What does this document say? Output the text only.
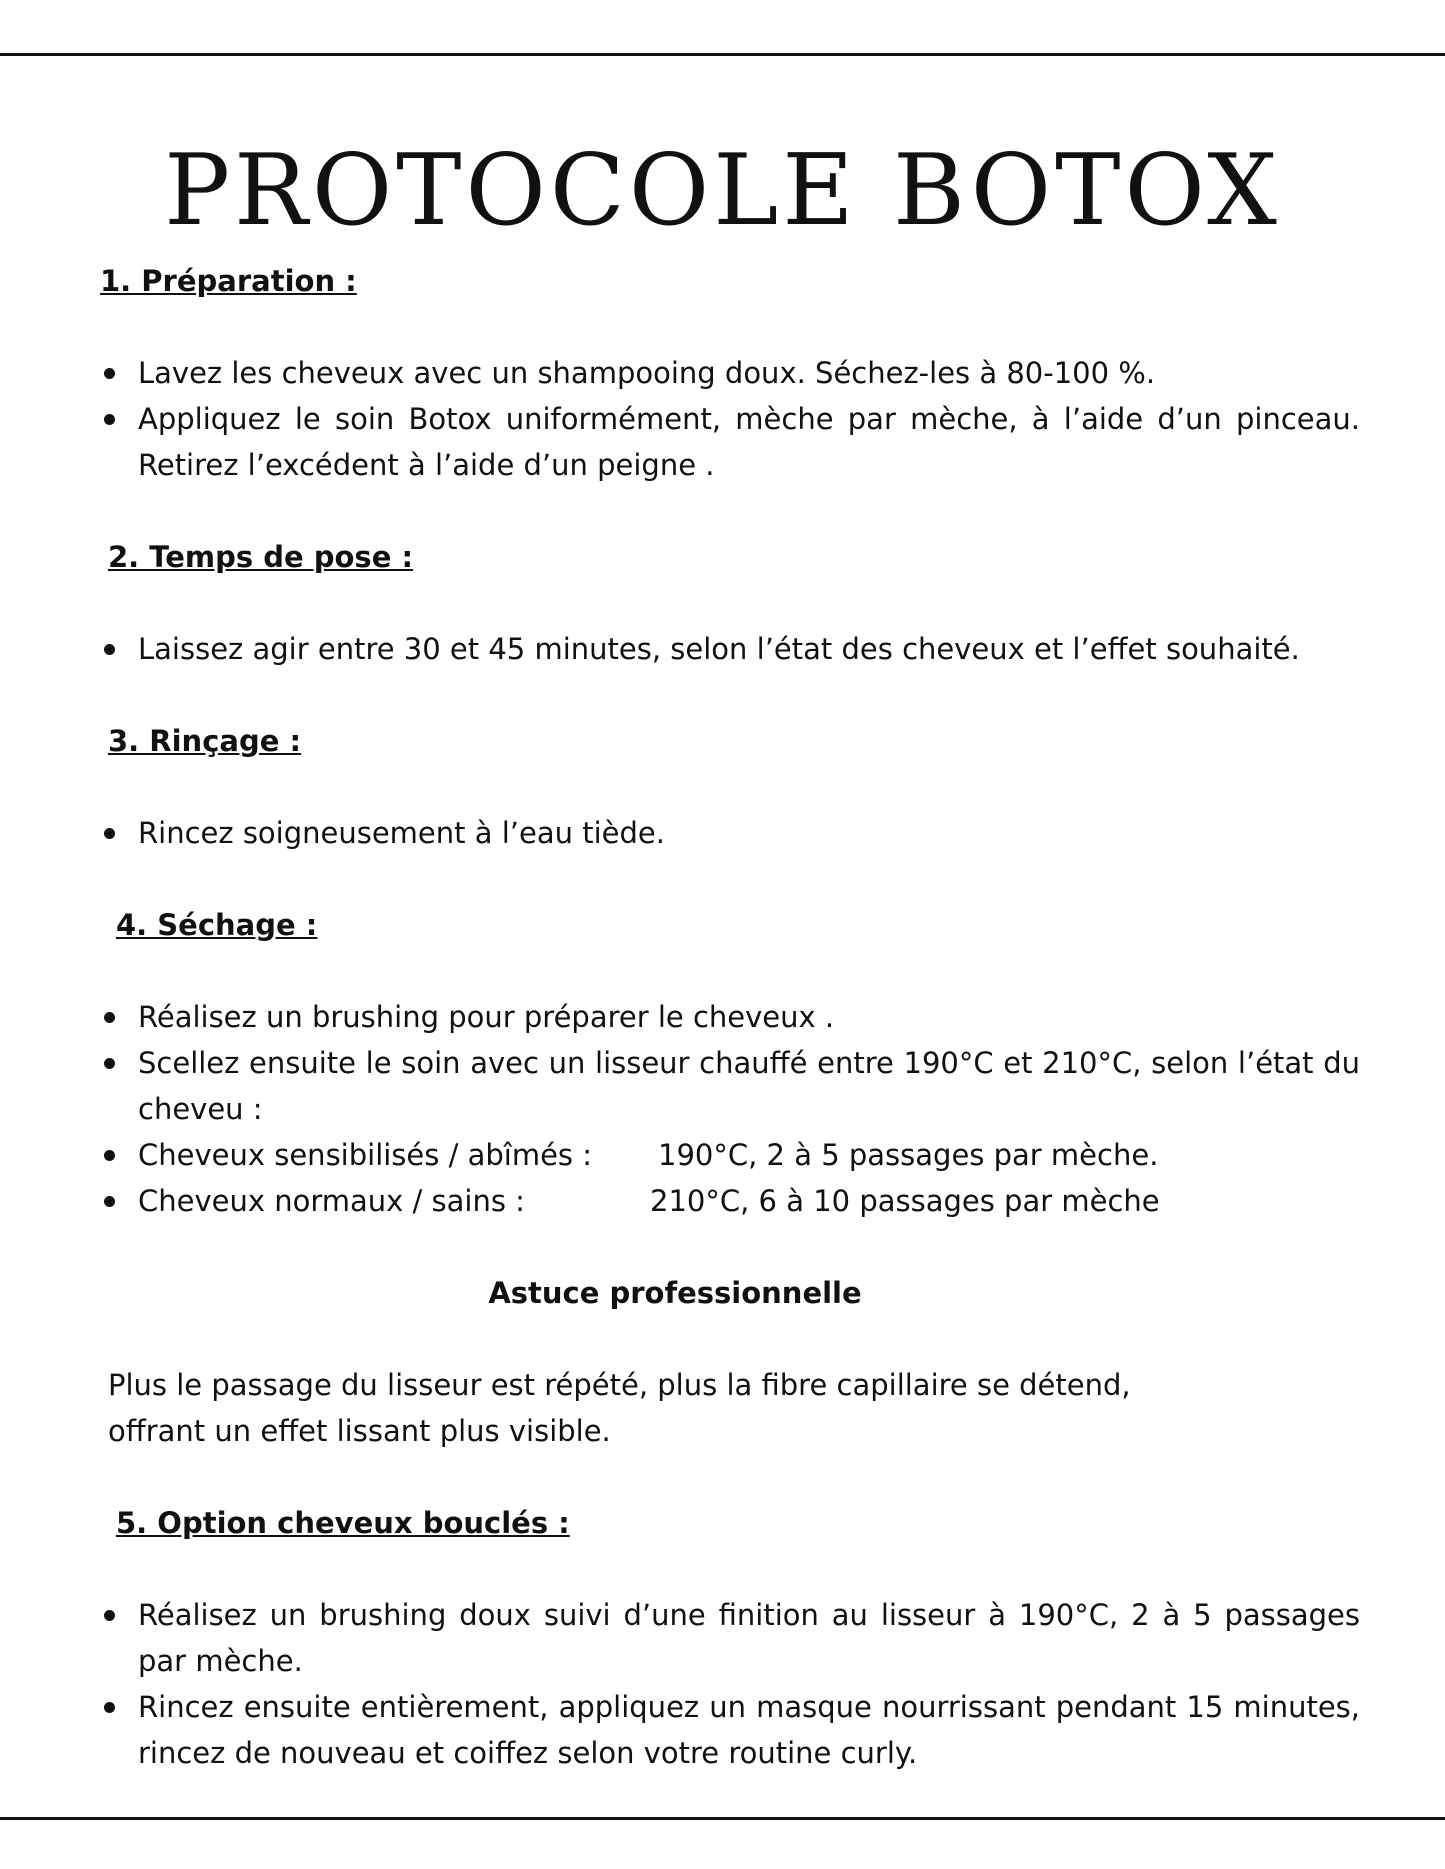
PROTOCOLE BOTOX

1. Préparation :

Lavez les cheveux avec un shampooing doux. Séchez-les à 80-100 %.
Appliquez le soin Botox uniformément, mèche par mèche, à l’aide d’un pinceau. Retirez l’excédent à l’aide d’un peigne .

2. Temps de pose :

Laissez agir entre 30 et 45 minutes, selon l’état des cheveux et l’effet souhaité.

3. Rinçage :

Rincez soigneusement à l’eau tiède.

4. Séchage :

Réalisez un brushing pour préparer le cheveux .
Scellez ensuite le soin avec un lisseur chauffé entre 190°C et 210°C, selon l’état du cheveu :
Cheveux sensibilisés / abîmés :	190°C, 2 à 5 passages par mèche.
Cheveux normaux / sains :	210°C, 6 à 10 passages par mèche

Astuce professionnelle

Plus le passage du lisseur est répété, plus la fibre capillaire se détend,

offrant un effet lissant plus visible.

5. Option cheveux bouclés :

Réalisez un brushing doux suivi d’une finition au lisseur à 190°C, 2 à 5 passages par mèche.
Rincez ensuite entièrement, appliquez un masque nourrissant pendant 15 minutes, rincez de nouveau et coiffez selon votre routine curly.
